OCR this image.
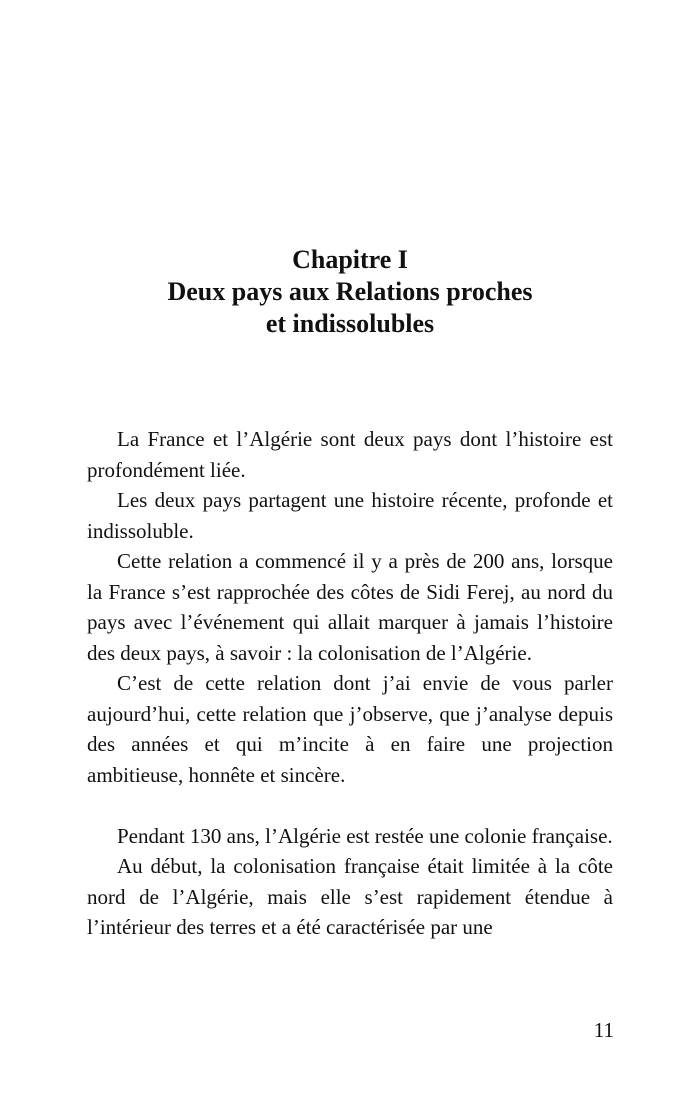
Chapitre I
Deux pays aux Relations proches
et indissolubles

La France et l’Algérie sont deux pays dont l’histoire est profondément liée.

Les deux pays partagent une histoire récente, profonde et indissoluble.

Cette relation a commencé il y a près de 200 ans, lorsque la France s’est rapprochée des côtes de Sidi Ferej, au nord du pays avec l’événement qui allait marquer à jamais l’histoire des deux pays, à savoir : la colonisation de l’Algérie.

C’est de cette relation dont j’ai envie de vous parler aujourd’hui, cette relation que j’observe, que j’analyse depuis des années et qui m’incite à en faire une projection ambitieuse, honnête et sincère.

Pendant 130 ans, l’Algérie est restée une colonie française.

Au début, la colonisation française était limitée à la côte nord de l’Algérie, mais elle s’est rapidement étendue à l’intérieur des terres et a été caractérisée par une

11
